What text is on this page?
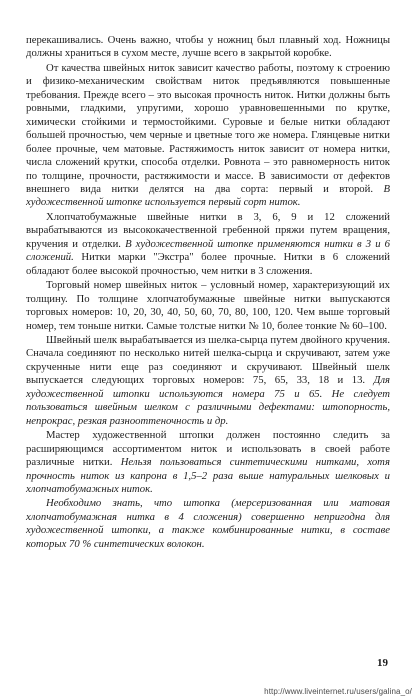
перекашивались. Очень важно, чтобы у ножниц был плавный ход. Ножницы должны храниться в сухом месте, лучше всего в закрытой коробке.

От качества швейных ниток зависит качество работы, поэтому к строению и физико-механическим свойствам ниток предъявляются повышенные требования. Прежде всего – это высокая прочность ниток. Нитки должны быть ровными, гладкими, упругими, хорошо уравновешенными по крутке, химически стойкими и термостойкими. Суровые и белые нитки обладают большей прочностью, чем черные и цветные того же номера. Глянцевые нитки более прочные, чем матовые. Растяжимость ниток зависит от номера нитки, числа сложений крутки, способа отделки. Ровнота – это равномерность ниток по толщине, прочности, растяжимости и массе. В зависимости от дефектов внешнего вида нитки делятся на два сорта: первый и второй. В художественной штопке используется первый сорт ниток.

Хлопчатобумажные швейные нитки в 3, 6, 9 и 12 сложений вырабатываются из высококачественной гребенной пряжи путем вращения, кручения и отделки. В художественной штопке применяются нитки в 3 и 6 сложений. Нитки марки "Экстра" более прочные. Нитки в 6 сложений обладают более высокой прочностью, чем нитки в 3 сложения.

Торговый номер швейных ниток – условный номер, характеризующий их толщину. По толщине хлопчатобумажные швейные нитки выпускаются торговых номеров: 10, 20, 30, 40, 50, 60, 70, 80, 100, 120. Чем выше торговый номер, тем тоньше нитки. Самые толстые нитки № 10, более тонкие № 60–100.

Швейный шелк вырабатывается из шелка-сырца путем двойного кручения. Сначала соединяют по несколько нитей шелка-сырца и скручивают, затем уже скрученные нити еще раз соединяют и скручивают. Швейный шелк выпускается следующих торговых номеров: 75, 65, 33, 18 и 13. Для художественной штопки используются номера 75 и 65. Не следует пользоваться швейным шелком с различными дефектами: штопорность, непрокрас, резкая разнооттеночность и др.

Мастер художественной штопки должен постоянно следить за расширяющимся ассортиментом ниток и использовать в своей работе различные нитки. Нельзя пользоваться синтетическими нитками, хотя прочность ниток из капрона в 1,5–2 раза выше натуральных шелковых и хлопчатобумажных ниток.

Необходимо знать, что штопка (мерсеризованная или матовая хлопчатобумажная нитка в 4 сложения) совершенно непригодна для художественной штопки, а также комбинированные нитки, в составе которых 70 % синтетических волокон.

19
http://www.liveinternet.ru/users/galina_o/
